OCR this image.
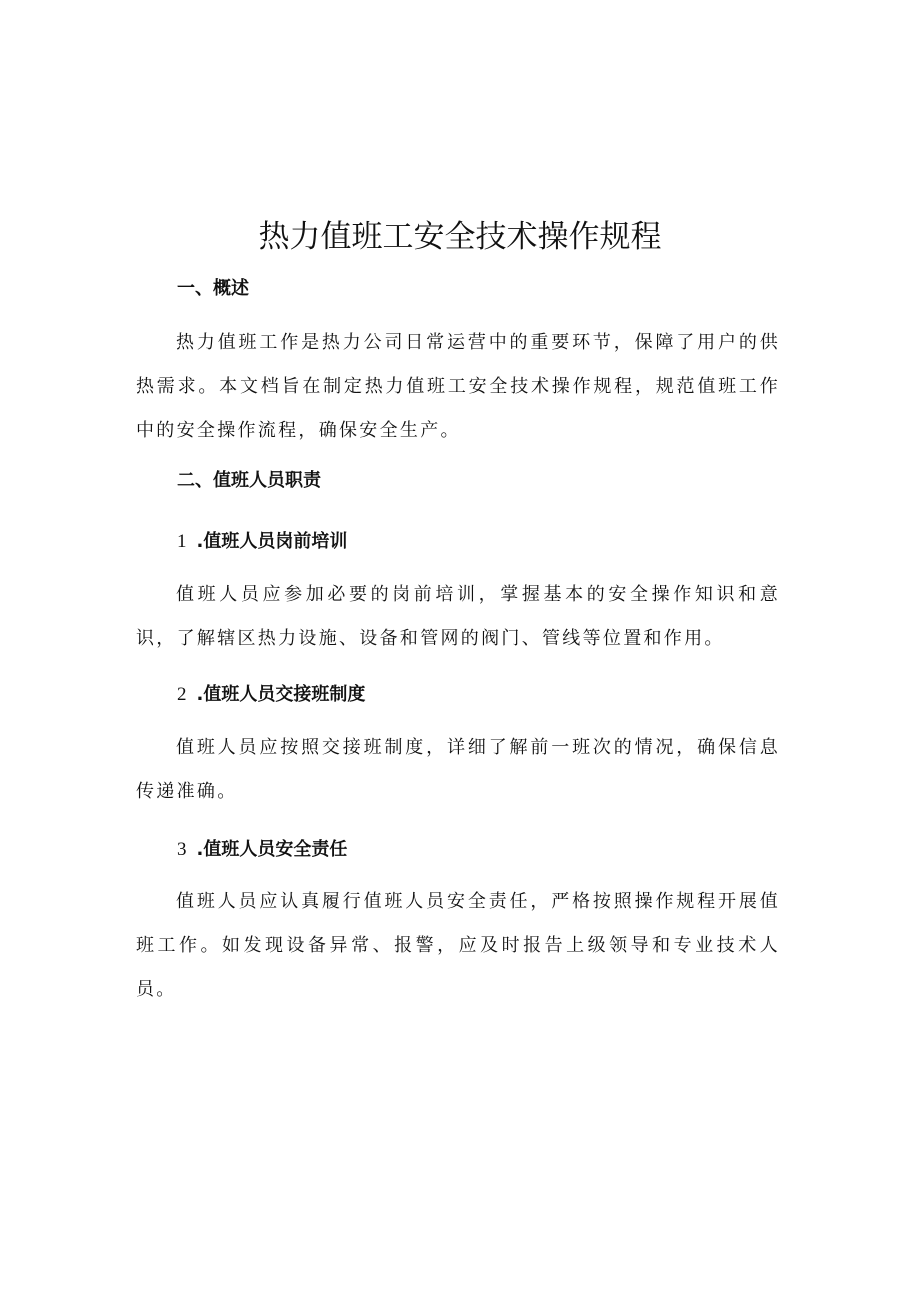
热力值班工安全技术操作规程
一、概述

热力值班工作是热力公司日常运营中的重要环节，保障了用户的供热需求。本文档旨在制定热力值班工安全技术操作规程，规范值班工作中的安全操作流程，确保安全生产。

二、值班人员职责
1 .值班人员岗前培训

值班人员应参加必要的岗前培训，掌握基本的安全操作知识和意识，了解辖区热力设施、设备和管网的阀门、管线等位置和作用。

2 .值班人员交接班制度

值班人员应按照交接班制度，详细了解前一班次的情况，确保信息传递准确。

3 .值班人员安全责任

值班人员应认真履行值班人员安全责任，严格按照操作规程开展值班工作。如发现设备异常、报警，应及时报告上级领导和专业技术人员。
